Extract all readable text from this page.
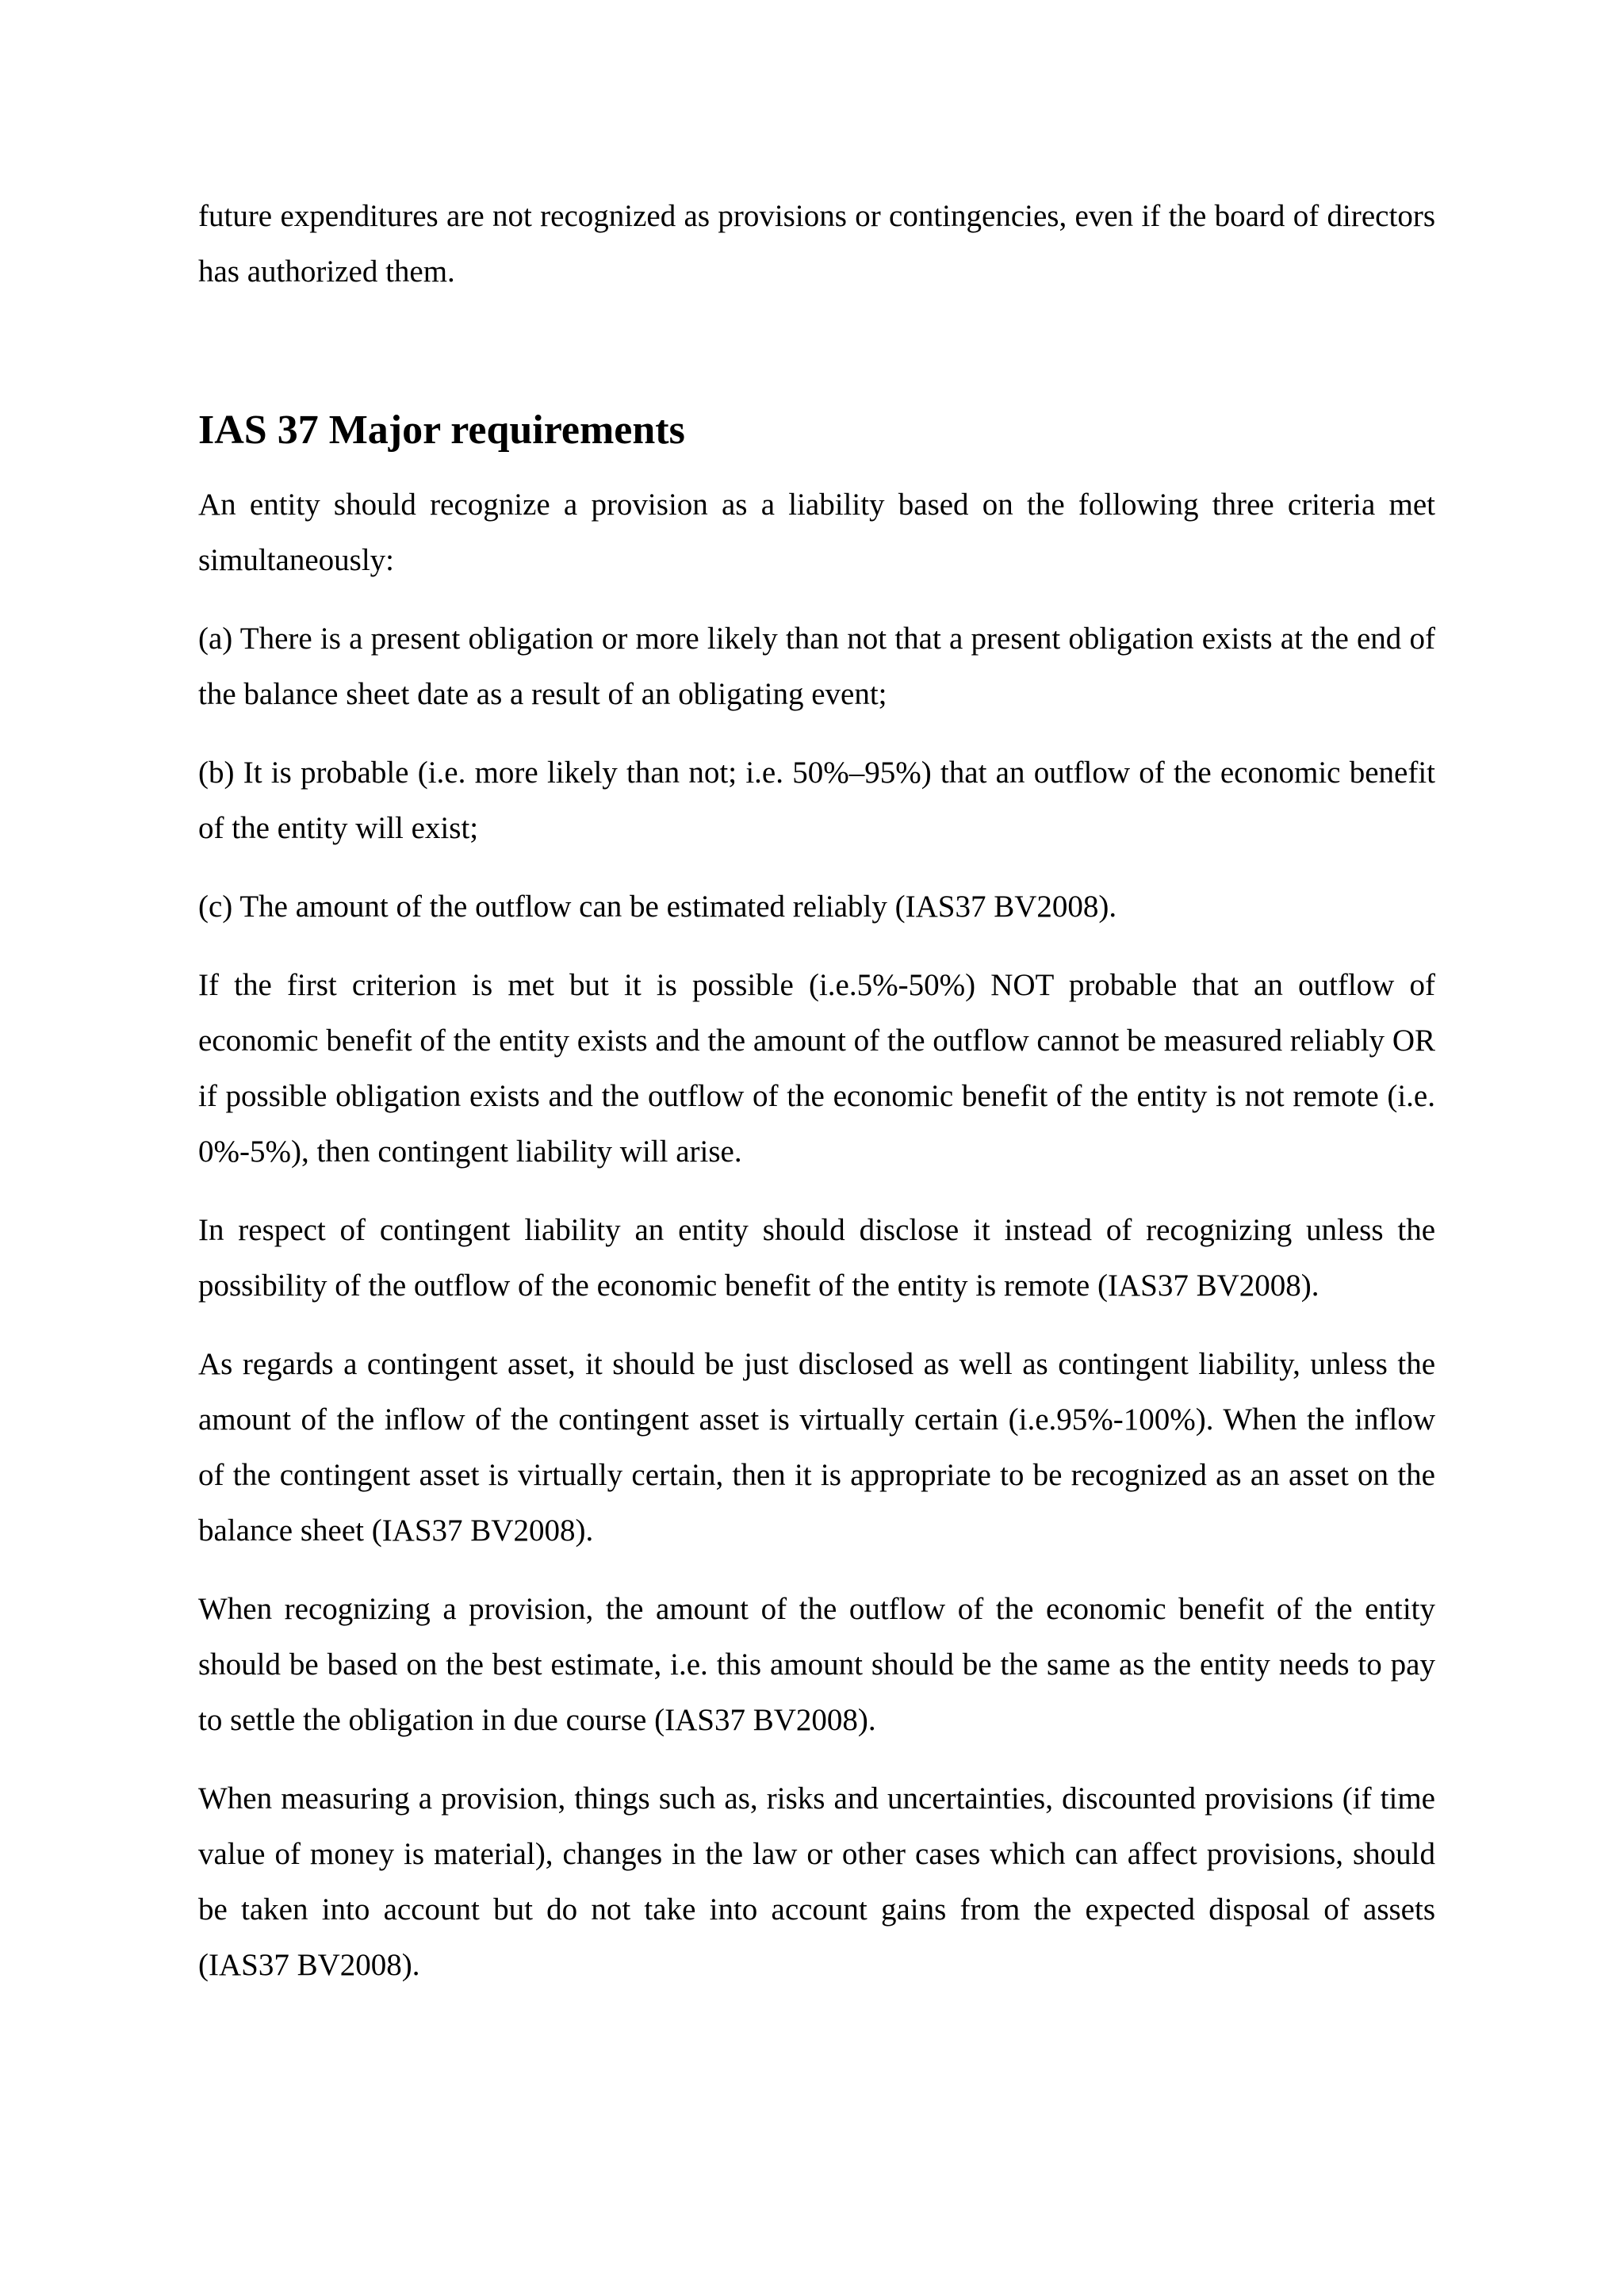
future expenditures are not recognized as provisions or contingencies, even if the board of directors has authorized them.

IAS 37 Major requirements

An entity should recognize a provision as a liability based on the following three criteria met simultaneously:

(a) There is a present obligation or more likely than not that a present obligation exists at the end of the balance sheet date as a result of an obligating event;

(b) It is probable (i.e. more likely than not; i.e. 50%–95%) that an outflow of the economic benefit of the entity will exist;

(c) The amount of the outflow can be estimated reliably (IAS37 BV2008).

If the first criterion is met but it is possible (i.e.5%-50%) NOT probable that an outflow of economic benefit of the entity exists and the amount of the outflow cannot be measured reliably OR if possible obligation exists and the outflow of the economic benefit of the entity is not remote (i.e. 0%-5%), then contingent liability will arise.

In respect of contingent liability an entity should disclose it instead of recognizing unless the possibility of the outflow of the economic benefit of the entity is remote (IAS37 BV2008).

As regards a contingent asset, it should be just disclosed as well as contingent liability, unless the amount of the inflow of the contingent asset is virtually certain (i.e.95%-100%). When the inflow of the contingent asset is virtually certain, then it is appropriate to be recognized as an asset on the balance sheet (IAS37 BV2008).

When recognizing a provision, the amount of the outflow of the economic benefit of the entity should be based on the best estimate, i.e. this amount should be the same as the entity needs to pay to settle the obligation in due course (IAS37 BV2008).

When measuring a provision, things such as, risks and uncertainties, discounted provisions (if time value of money is material), changes in the law or other cases which can affect provisions, should be taken into account but do not take into account gains from the expected disposal of assets (IAS37 BV2008).
